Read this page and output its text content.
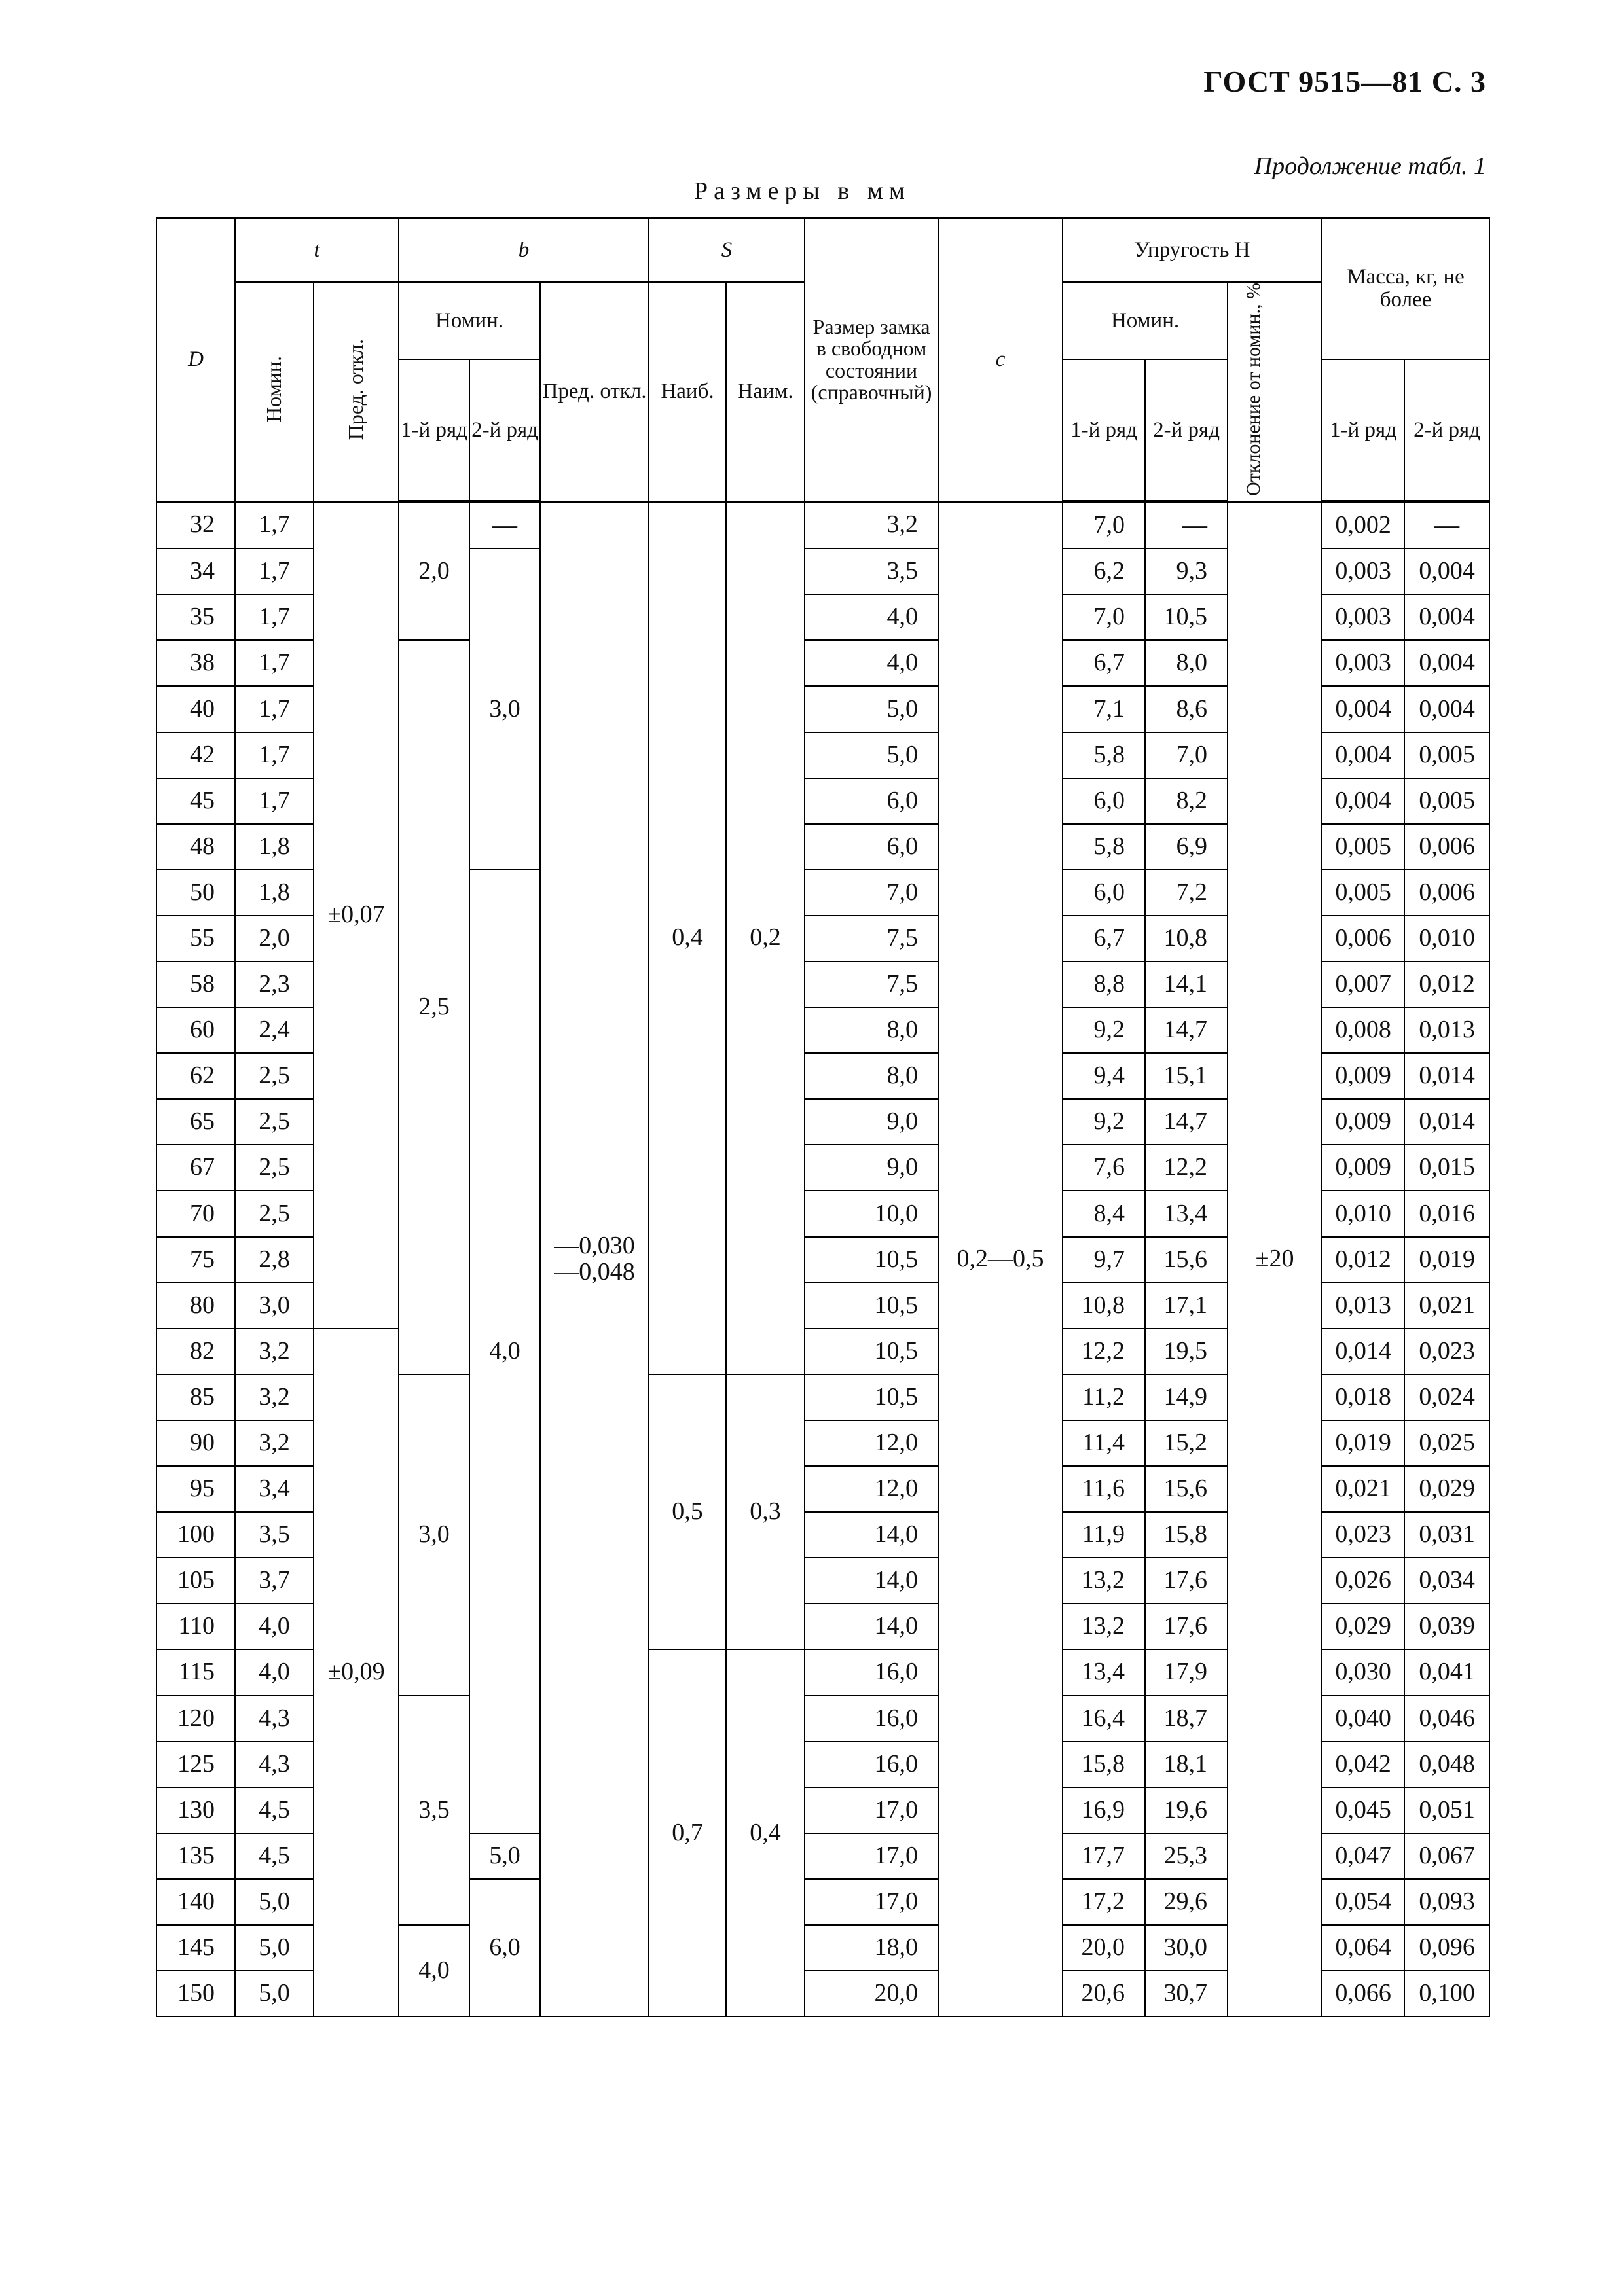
ГОСТ 9515—81 С. 3
Продолжение табл. 1
Размеры в мм
D	t		b			S		Размер замка в свободном состоянии (справочный)	c	Упругость Н			Масса, кг, не более	
	Номин.	Пред. откл.	Номин.		Пред. откл.	Наиб.	Наим.			Номин.		Отклонение от номин., %		
			1-й ряд	2-й ряд						1-й ряд	2-й ряд		1-й ряд	2-й ряд
32	1,7	±0,07	2,0	—	—0,030 —0,048	0,4	0,2	3,2	0,2—0,5	7,0	—	±20	0,002	—
34	1,7			3,0				3,5		6,2	9,3		0,003	0,004
35	1,7							4,0		7,0	10,5		0,003	0,004
38	1,7		2,5					4,0		6,7	8,0		0,003	0,004
40	1,7							5,0		7,1	8,6		0,004	0,004
42	1,7							5,0		5,8	7,0		0,004	0,005
45	1,7							6,0		6,0	8,2		0,004	0,005
48	1,8							6,0		5,8	6,9		0,005	0,006
50	1,8			4,0				7,0		6,0	7,2		0,005	0,006
55	2,0							7,5		6,7	10,8		0,006	0,010
58	2,3							7,5		8,8	14,1		0,007	0,012
60	2,4							8,0		9,2	14,7		0,008	0,013
62	2,5							8,0		9,4	15,1		0,009	0,014
65	2,5							9,0		9,2	14,7		0,009	0,014
67	2,5							9,0		7,6	12,2		0,009	0,015
70	2,5							10,0		8,4	13,4		0,010	0,016
75	2,8							10,5		9,7	15,6		0,012	0,019
80	3,0							10,5		10,8	17,1		0,013	0,021
82	3,2	±0,09						10,5		12,2	19,5		0,014	0,023
85	3,2		3,0			0,5	0,3	10,5		11,2	14,9		0,018	0,024
90	3,2							12,0		11,4	15,2		0,019	0,025
95	3,4							12,0		11,6	15,6		0,021	0,029
100	3,5							14,0		11,9	15,8		0,023	0,031
105	3,7							14,0		13,2	17,6		0,026	0,034
110	4,0							14,0		13,2	17,6		0,029	0,039
115	4,0					0,7	0,4	16,0		13,4	17,9		0,030	0,041
120	4,3		3,5					16,0		16,4	18,7		0,040	0,046
125	4,3							16,0		15,8	18,1		0,042	0,048
130	4,5							17,0		16,9	19,6		0,045	0,051
135	4,5			5,0				17,0		17,7	25,3		0,047	0,067
140	5,0			6,0				17,0		17,2	29,6		0,054	0,093
145	5,0		4,0					18,0		20,0	30,0		0,064	0,096
150	5,0							20,0		20,6	30,7		0,066	0,100
